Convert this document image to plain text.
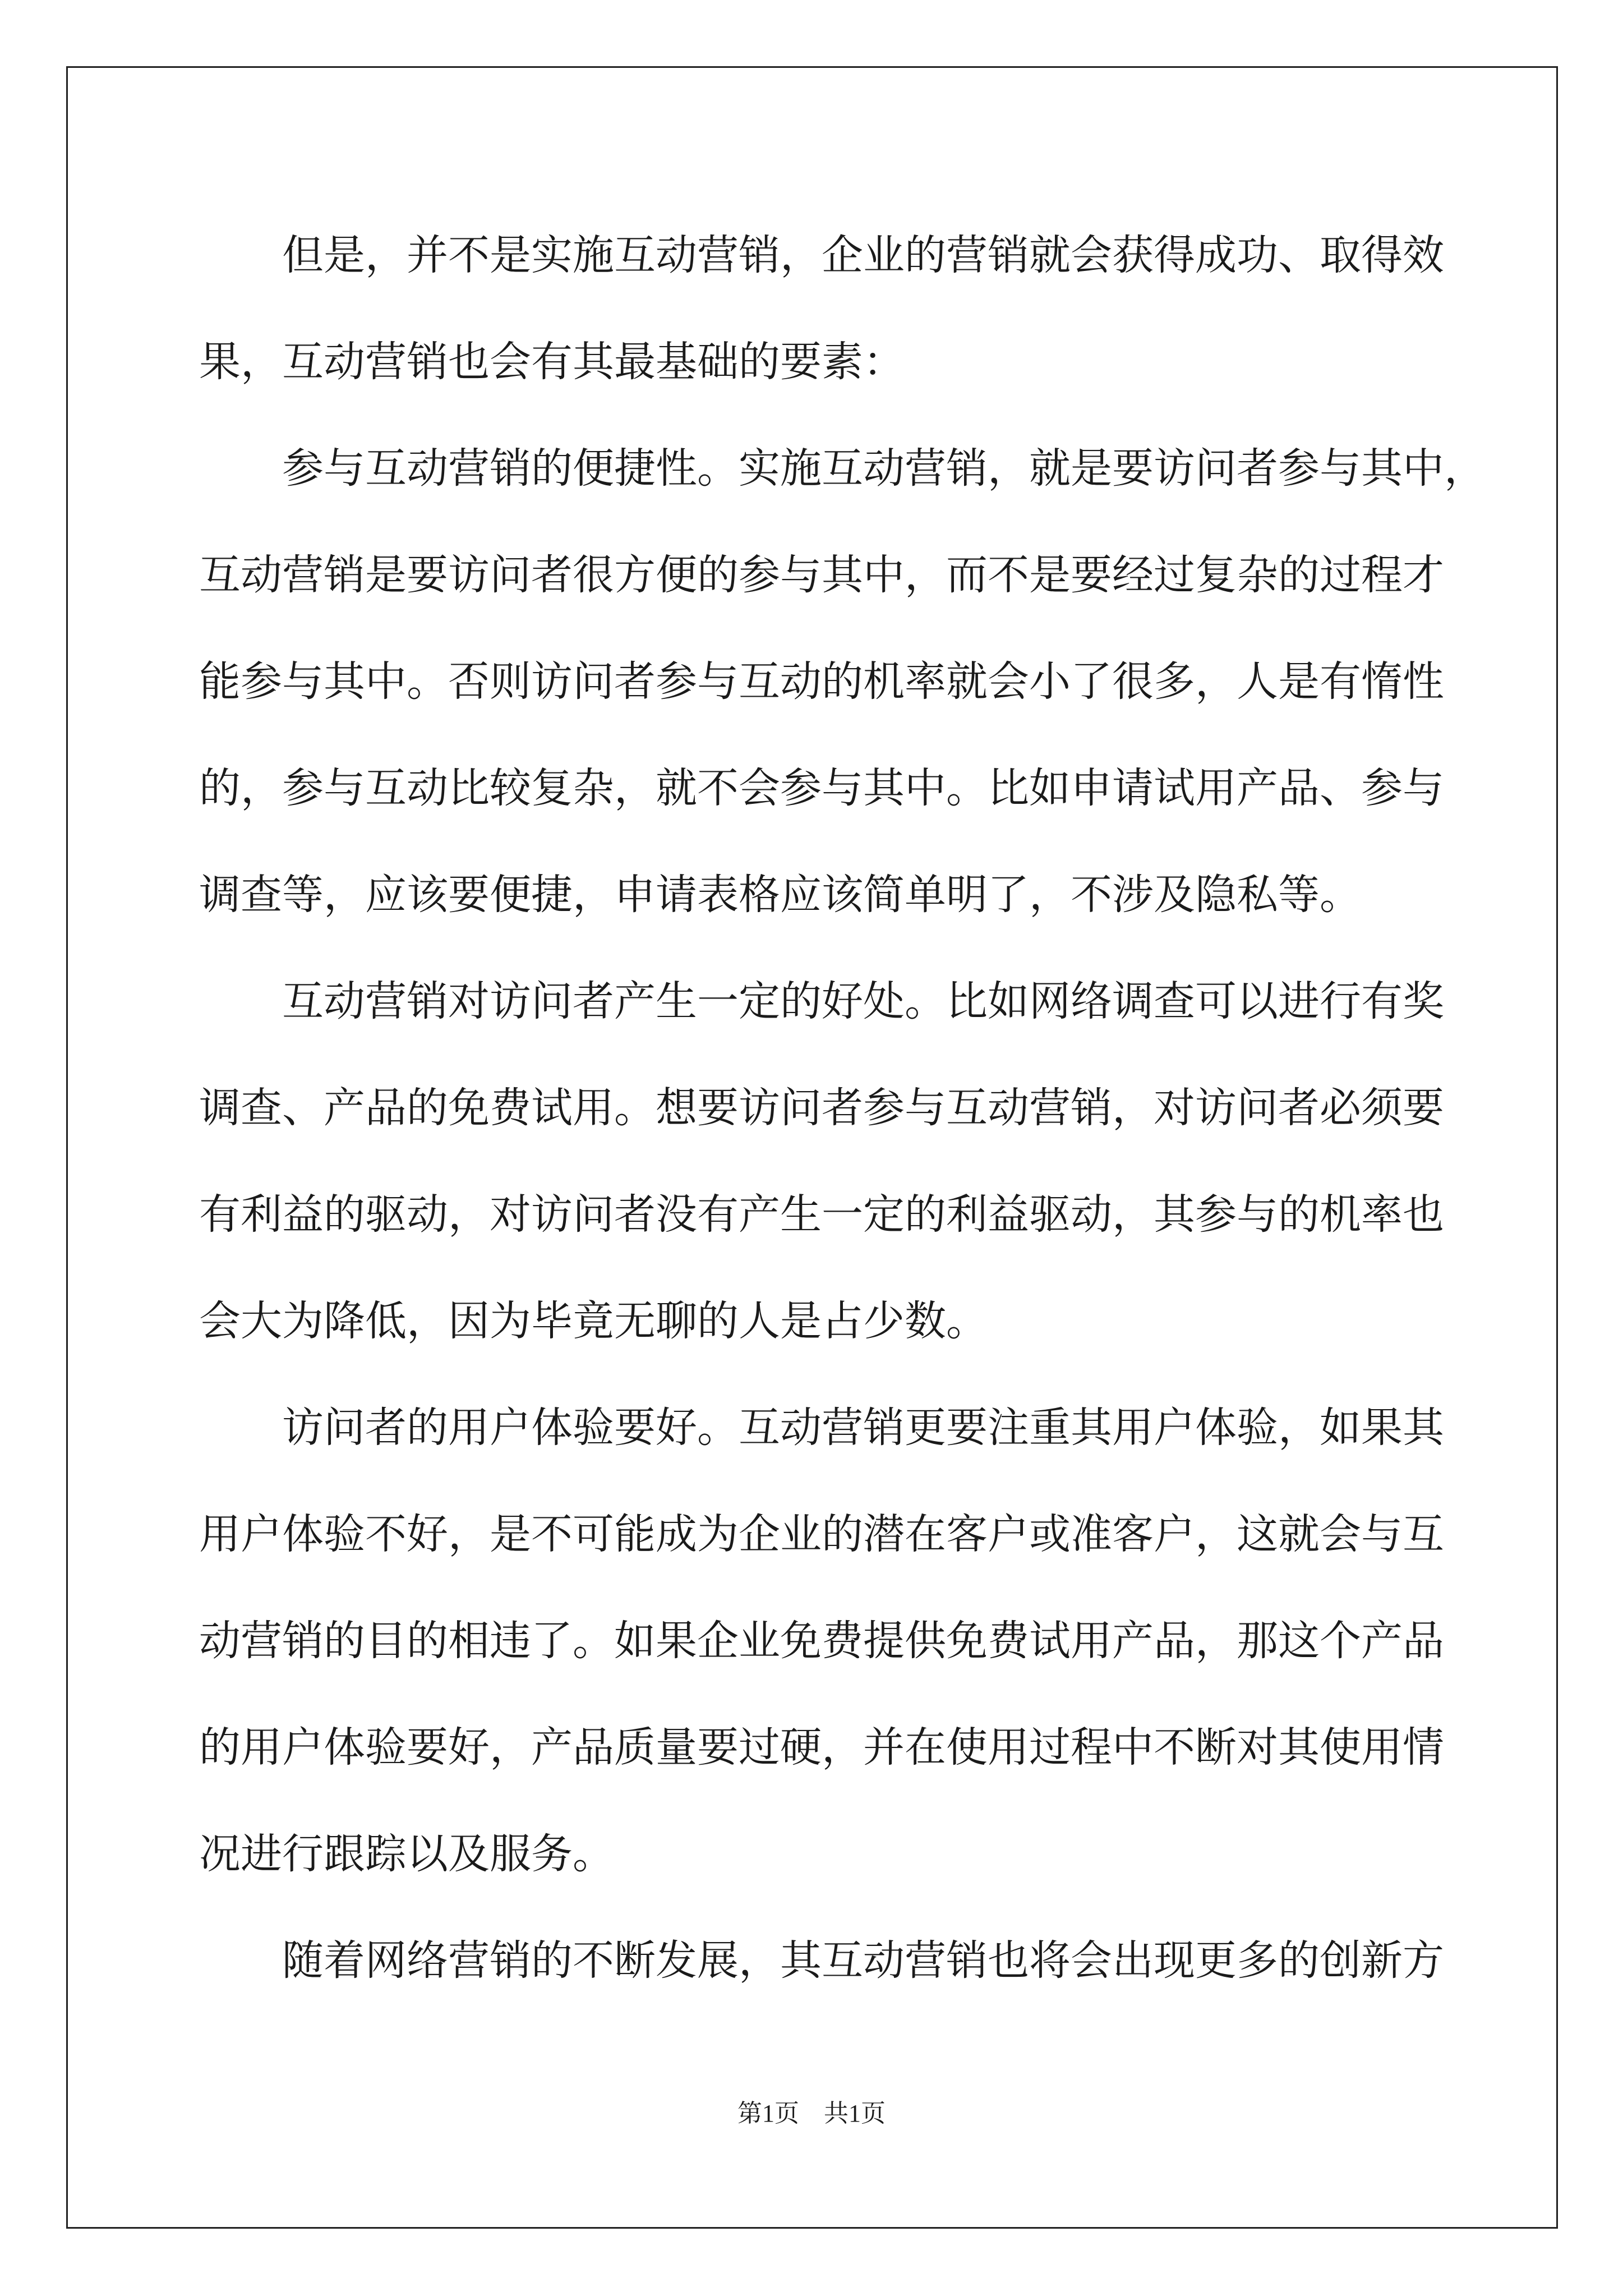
但是，并不是实施互动营销，企业的营销就会获得成功、取得效
果，互动营销也会有其最基础的要素：
参与互动营销的便捷性。实施互动营销，就是要访问者参与其中，
互动营销是要访问者很方便的参与其中，而不是要经过复杂的过程才
能参与其中。否则访问者参与互动的机率就会小了很多，人是有惰性
的，参与互动比较复杂，就不会参与其中。比如申请试用产品、参与
调查等，应该要便捷，申请表格应该简单明了，不涉及隐私等。
互动营销对访问者产生一定的好处。比如网络调查可以进行有奖
调查、产品的免费试用。想要访问者参与互动营销，对访问者必须要
有利益的驱动，对访问者没有产生一定的利益驱动，其参与的机率也
会大为降低，因为毕竟无聊的人是占少数。
访问者的用户体验要好。互动营销更要注重其用户体验，如果其
用户体验不好，是不可能成为企业的潜在客户或准客户，这就会与互
动营销的目的相违了。如果企业免费提供免费试用产品，那这个产品
的用户体验要好，产品质量要过硬，并在使用过程中不断对其使用情
况进行跟踪以及服务。
随着网络营销的不断发展，其互动营销也将会出现更多的创新方
第1页　共1页
